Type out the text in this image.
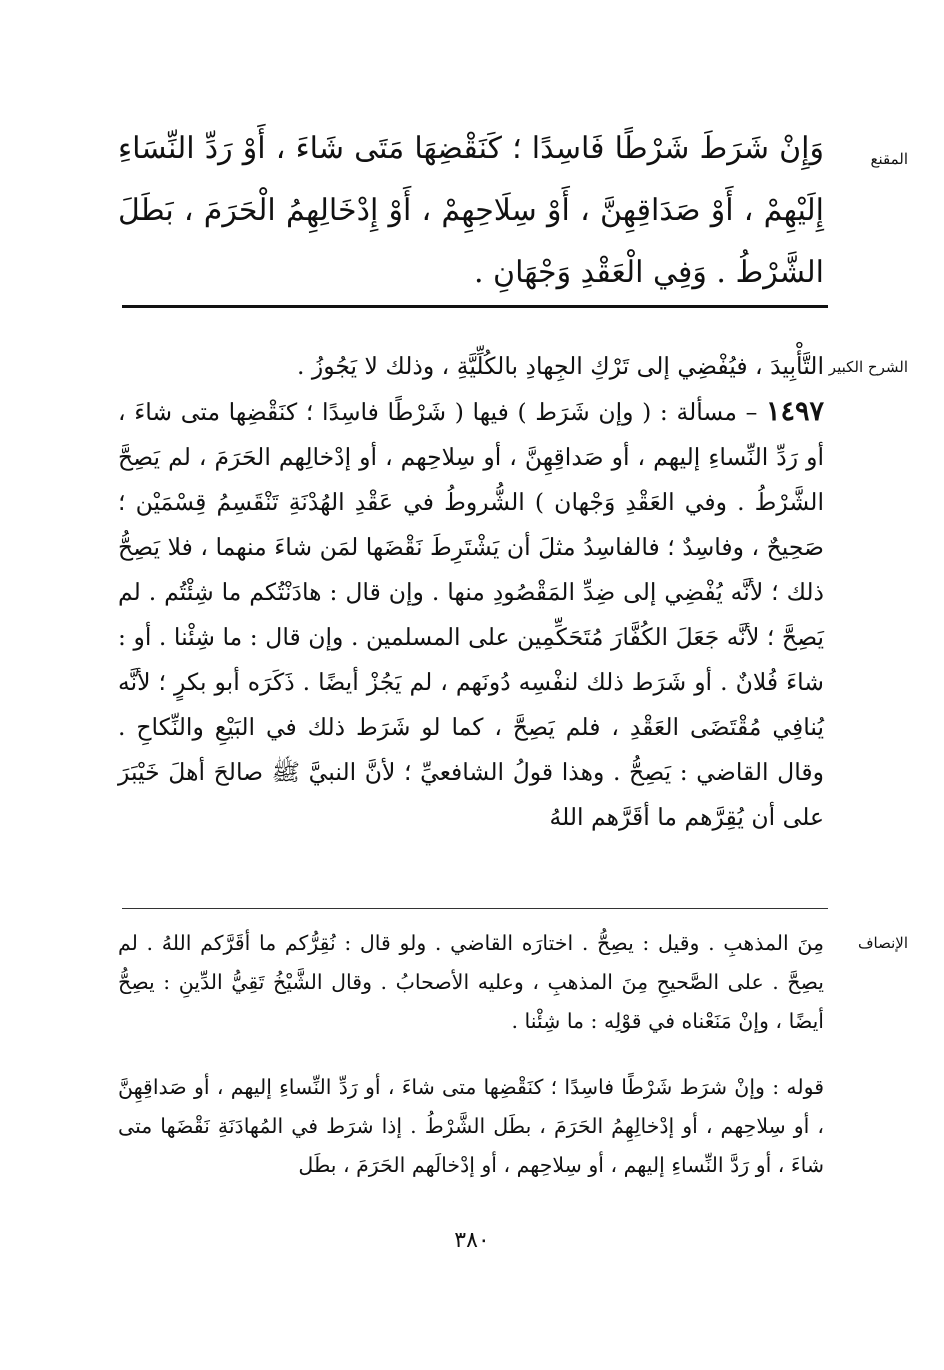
المقنع

وَإِنْ شَرَطَ شَرْطًا فَاسِدًا ؛ كَنَقْضِهَا مَتَى شَاءَ ، أَوْ رَدِّ النِّسَاءِ إِلَيْهِمْ ، أَوْ صَدَاقِهِنَّ ، أَوْ سِلَاحِهِمْ ، أَوْ إِدْخَالِهِمُ الْحَرَمَ ، بَطَلَ الشَّرْطُ . وَفِي الْعَقْدِ وَجْهَانِ .

الشرح الكبير

التَّأْبِيدَ ، فيُفْضِي إلى تَرْكِ الجِهادِ بالكُلِّيَّةِ ، وذلك لا يَجُوزُ .

١٤٩٧ – مسألة : ( وإن شَرَط ) فيها ( شَرْطًا فاسِدًا ؛ كنَقْضِها متى شاءَ ، أو رَدِّ النِّساءِ إليهم ، أو صَداقِهِنَّ ، أو سِلاحِهم ، أو إدْخالِهم الحَرَمَ ، لم يَصِحَّ الشَّرْطُ . وفي العَقْدِ وَجْهان ) الشُّروطُ في عَقْدِ الهُدْنَةِ تَنْقَسِمُ قِسْمَيْن ؛ صَحِيحٌ ، وفاسِدٌ ؛ فالفاسِدُ مثلَ أن يَشْتَرِطَ نَقْضَها لمَن شاءَ منهما ، فلا يَصِحُّ ذلك ؛ لأنَّه يُفْضِي إلى ضِدِّ المَقْصُودِ منها . وإن قال : هادَنْتُكم ما شِئْتُم . لم يَصِحَّ ؛ لأنَّه جَعَلَ الكُفَّارَ مُتَحَكِّمِين على المسلمين . وإن قال : ما شِئْنا . أو : شاءَ فُلانٌ . أو شَرَط ذلك لنفْسِه دُونَهم ، لم يَجُزْ أيضًا . ذَكَرَه أبو بكرٍ ؛ لأنَّه يُنافِي مُقْتَضَى العَقْدِ ، فلم يَصِحَّ ، كما لو شَرَط ذلك في البَيْعِ والنِّكاحِ . وقال القاضي : يَصِحُّ . وهذا قولُ الشافعيِّ ؛ لأنَّ النبيَّ ﷺ صالحَ أهلَ خَيْبَرَ على أن يُقِرَّهم ما أقَرَّهم اللهُ

الإنصاف

مِنَ المذهبِ . وقيل : يصِحُّ . اختارَه القاضي . ولو قال : نُقِرُّكم ما أقَرَّكم اللهُ . لم يصِحَّ . على الصَّحيحِ مِنَ المذهبِ ، وعليه الأصحابُ . وقال الشَّيْخُ تَقِيُّ الدِّينِ : يصِحُّ أيضًا ، وإنْ مَنَعْناه في قوْلِه : ما شِئْنا .

قوله : وإنْ شرَط شَرْطًا فاسِدًا ؛ كنَقْضِها متى شاءَ ، أو رَدِّ النِّساءِ إليهم ، أو صَداقِهِنَّ ، أو سِلاحِهم ، أو إدْخالِهِمُ الحَرَمَ ، بطَل الشَّرْطُ . إذا شرَط في المُهادَنَةِ نَقْضَها متى شاءَ ، أو رَدَّ النِّساءِ إليهم ، أو سِلاحِهم ، أو إدْخالَهم الحَرَمَ ، بطَل

٣٨٠
